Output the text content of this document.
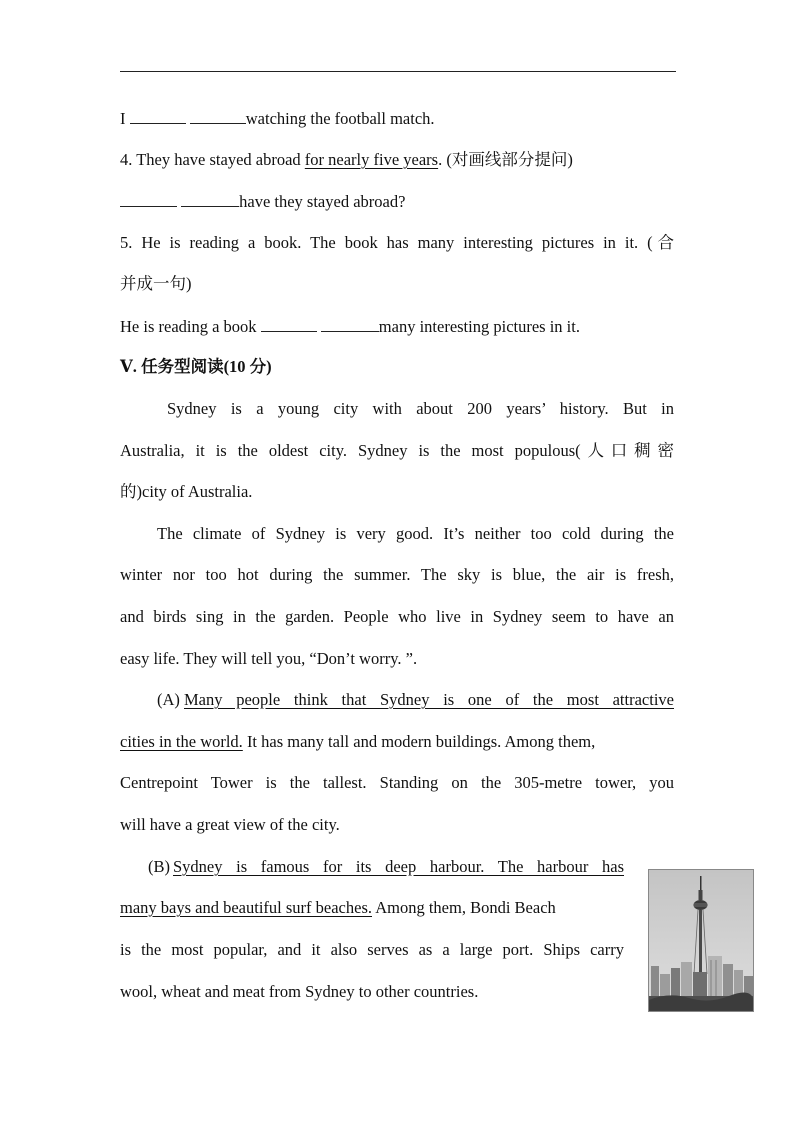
I	watching the football match.
4. They have stayed abroad for nearly five years. (对画线部分提问)
have they stayed abroad?
5. He is reading a book. The book has many interesting pictures in it. (合
并成一句)
He is reading a book	many interesting pictures in it.
Ⅴ. 任务型阅读(10 分)
Sydney is a young city with about 200 years’ history. But in
Australia, it is the oldest city. Sydney is the most populous(人口稠密
的)city of Australia.
The climate of Sydney is very good. It’s neither too cold during the
winter nor too hot during the summer. The sky is blue, the air is fresh,
and birds sing in the garden. People who live in Sydney seem to have an
easy life. They will tell you, “Don’t worry. ”.
(A) Many people think that Sydney is one of the most attractive
cities in the world. It has many tall and modern buildings. Among them,
Centrepoint Tower is the tallest. Standing on the 305-metre tower, you
will have a great view of the city.
(B) Sydney is famous for its deep harbour. The harbour has
many bays and beautiful surf beaches. Among them, Bondi Beach
is the most popular, and it also serves as a large port. Ships carry
wool, wheat and meat from Sydney to other countries.
